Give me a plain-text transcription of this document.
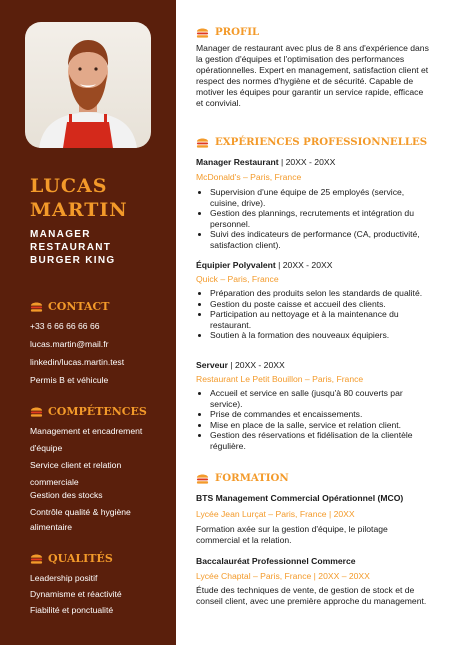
LUCAS
MARTIN
MANAGER
RESTAURANT
BURGER KING
CONTACT
+33 6 66 66 66 66
lucas.martin@mail.fr
linkedin/lucas.martin.test
Permis B et véhicule
COMPÉTENCES
Management et encadrement
d'équipe
Service client et relation
commerciale
Gestion des stocks
Contrôle qualité & hygiène
alimentaire
QUALITÉS
Leadership positif
Dynamisme et réactivité
Fiabilité et ponctualité
PROFIL
Manager de restaurant avec plus de 8 ans d'expérience dans la gestion d'équipes et l'optimisation des performances opérationnelles. Expert en management, satisfaction client et respect des normes d'hygiène et de sécurité. Capable de motiver les équipes pour garantir un service rapide, efficace et convivial.
EXPÉRIENCES PROFESSIONNELLES
Manager Restaurant | 20XX - 20XX
McDonald's – Paris, France
• Supervision d'une équipe de 25 employés (service, cuisine, drive).
• Gestion des plannings, recrutements et intégration du personnel.
• Suivi des indicateurs de performance (CA, productivité, satisfaction client).
Équipier Polyvalent | 20XX - 20XX
Quick – Paris, France
• Préparation des produits selon les standards de qualité.
• Gestion du poste caisse et accueil des clients.
• Participation au nettoyage et à la maintenance du restaurant.
• Soutien à la formation des nouveaux équipiers.
Serveur | 20XX - 20XX
Restaurant Le Petit Bouillon – Paris, France
• Accueil et service en salle (jusqu'à 80 couverts par service).
• Prise de commandes et encaissements.
• Mise en place de la salle, service et relation client.
• Gestion des réservations et fidélisation de la clientèle régulière.
FORMATION
BTS Management Commercial Opérationnel (MCO)
Lycée Jean Lurçat – Paris, France | 20XX
Formation axée sur la gestion d'équipe, le pilotage commercial et la relation.
Baccalauréat Professionnel Commerce
Lycée Chaptal – Paris, France | 20XX – 20XX
Étude des techniques de vente, de gestion de stock et de conseil client, avec une première approche du management.
